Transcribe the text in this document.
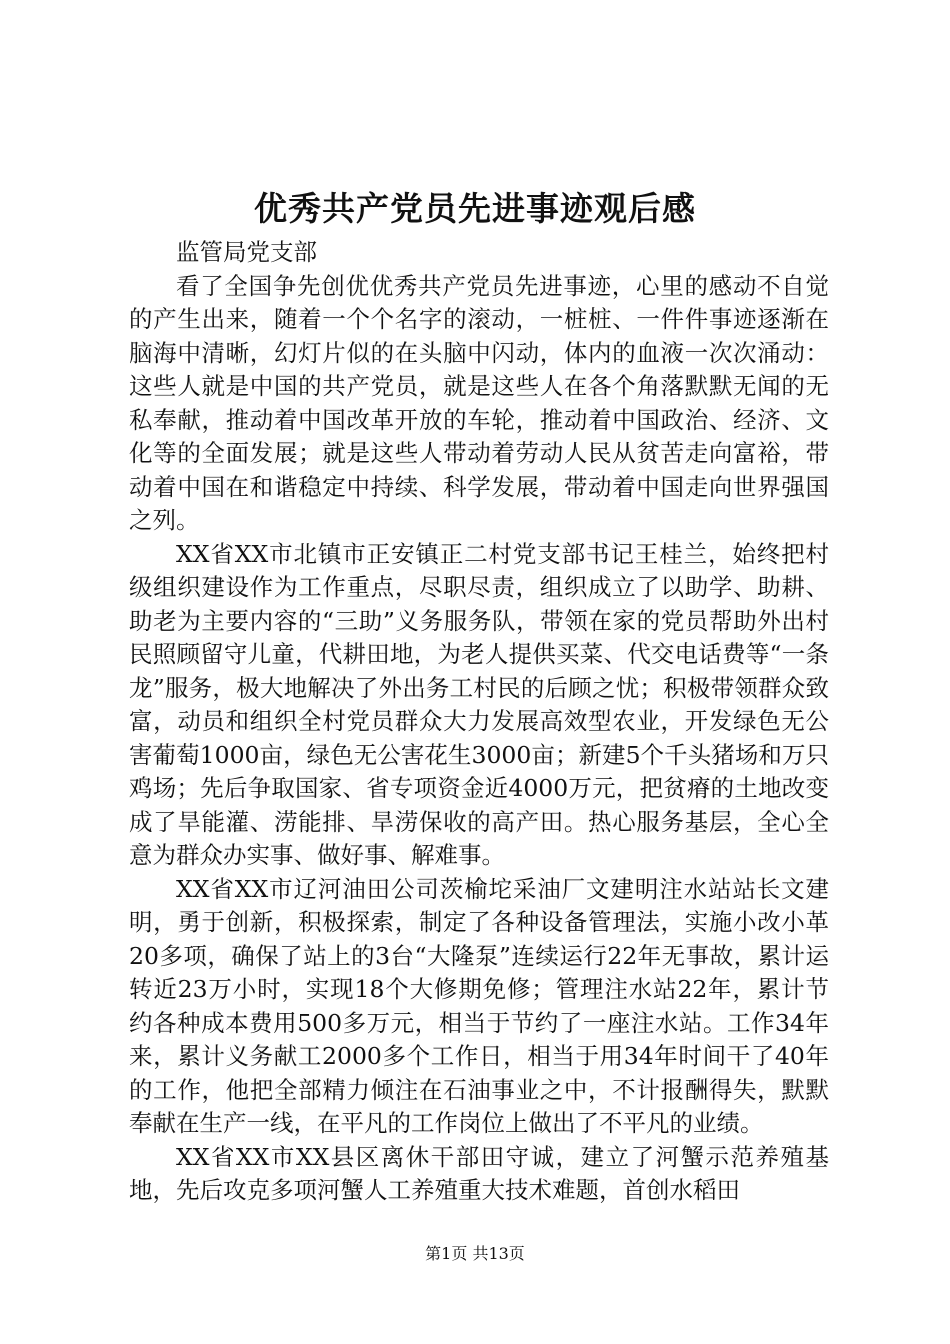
优秀共产党员先进事迹观后感

监管局党支部

看了全国争先创优优秀共产党员先进事迹，心里的感动不自觉的产生出来，随着一个个名字的滚动，一桩桩、一件件事迹逐渐在脑海中清晰，幻灯片似的在头脑中闪动，体内的血液一次次涌动：这些人就是中国的共产党员，就是这些人在各个角落默默无闻的无私奉献，推动着中国改革开放的车轮，推动着中国政治、经济、文化等的全面发展；就是这些人带动着劳动人民从贫苦走向富裕，带动着中国在和谐稳定中持续、科学发展，带动着中国走向世界强国之列。

XX省XX市北镇市正安镇正二村党支部书记王桂兰，始终把村级组织建设作为工作重点，尽职尽责，组织成立了以助学、助耕、助老为主要内容的“三助”义务服务队，带领在家的党员帮助外出村民照顾留守儿童，代耕田地，为老人提供买菜、代交电话费等“一条龙”服务，极大地解决了外出务工村民的后顾之忧；积极带领群众致富，动员和组织全村党员群众大力发展高效型农业，开发绿色无公害葡萄1000亩，绿色无公害花生3000亩；新建5个千头猪场和万只鸡场；先后争取国家、省专项资金近4000万元，把贫瘠的土地改变成了旱能灌、涝能排、旱涝保收的高产田。热心服务基层，全心全意为群众办实事、做好事、解难事。

XX省XX市辽河油田公司茨榆坨采油厂文建明注水站站长文建明，勇于创新，积极探索，制定了各种设备管理法，实施小改小革20多项，确保了站上的3台“大隆泵”连续运行22年无事故，累计运转近23万小时，实现18个大修期免修；管理注水站22年，累计节约各种成本费用500多万元，相当于节约了一座注水站。工作34年来，累计义务献工2000多个工作日，相当于用34年时间干了40年的工作，他把全部精力倾注在石油事业之中，不计报酬得失，默默奉献在生产一线，在平凡的工作岗位上做出了不平凡的业绩。

XX省XX市XX县区离休干部田守诚，建立了河蟹示范养殖基地，先后攻克多项河蟹人工养殖重大技术难题，首创水稻田

第1页 共13页
